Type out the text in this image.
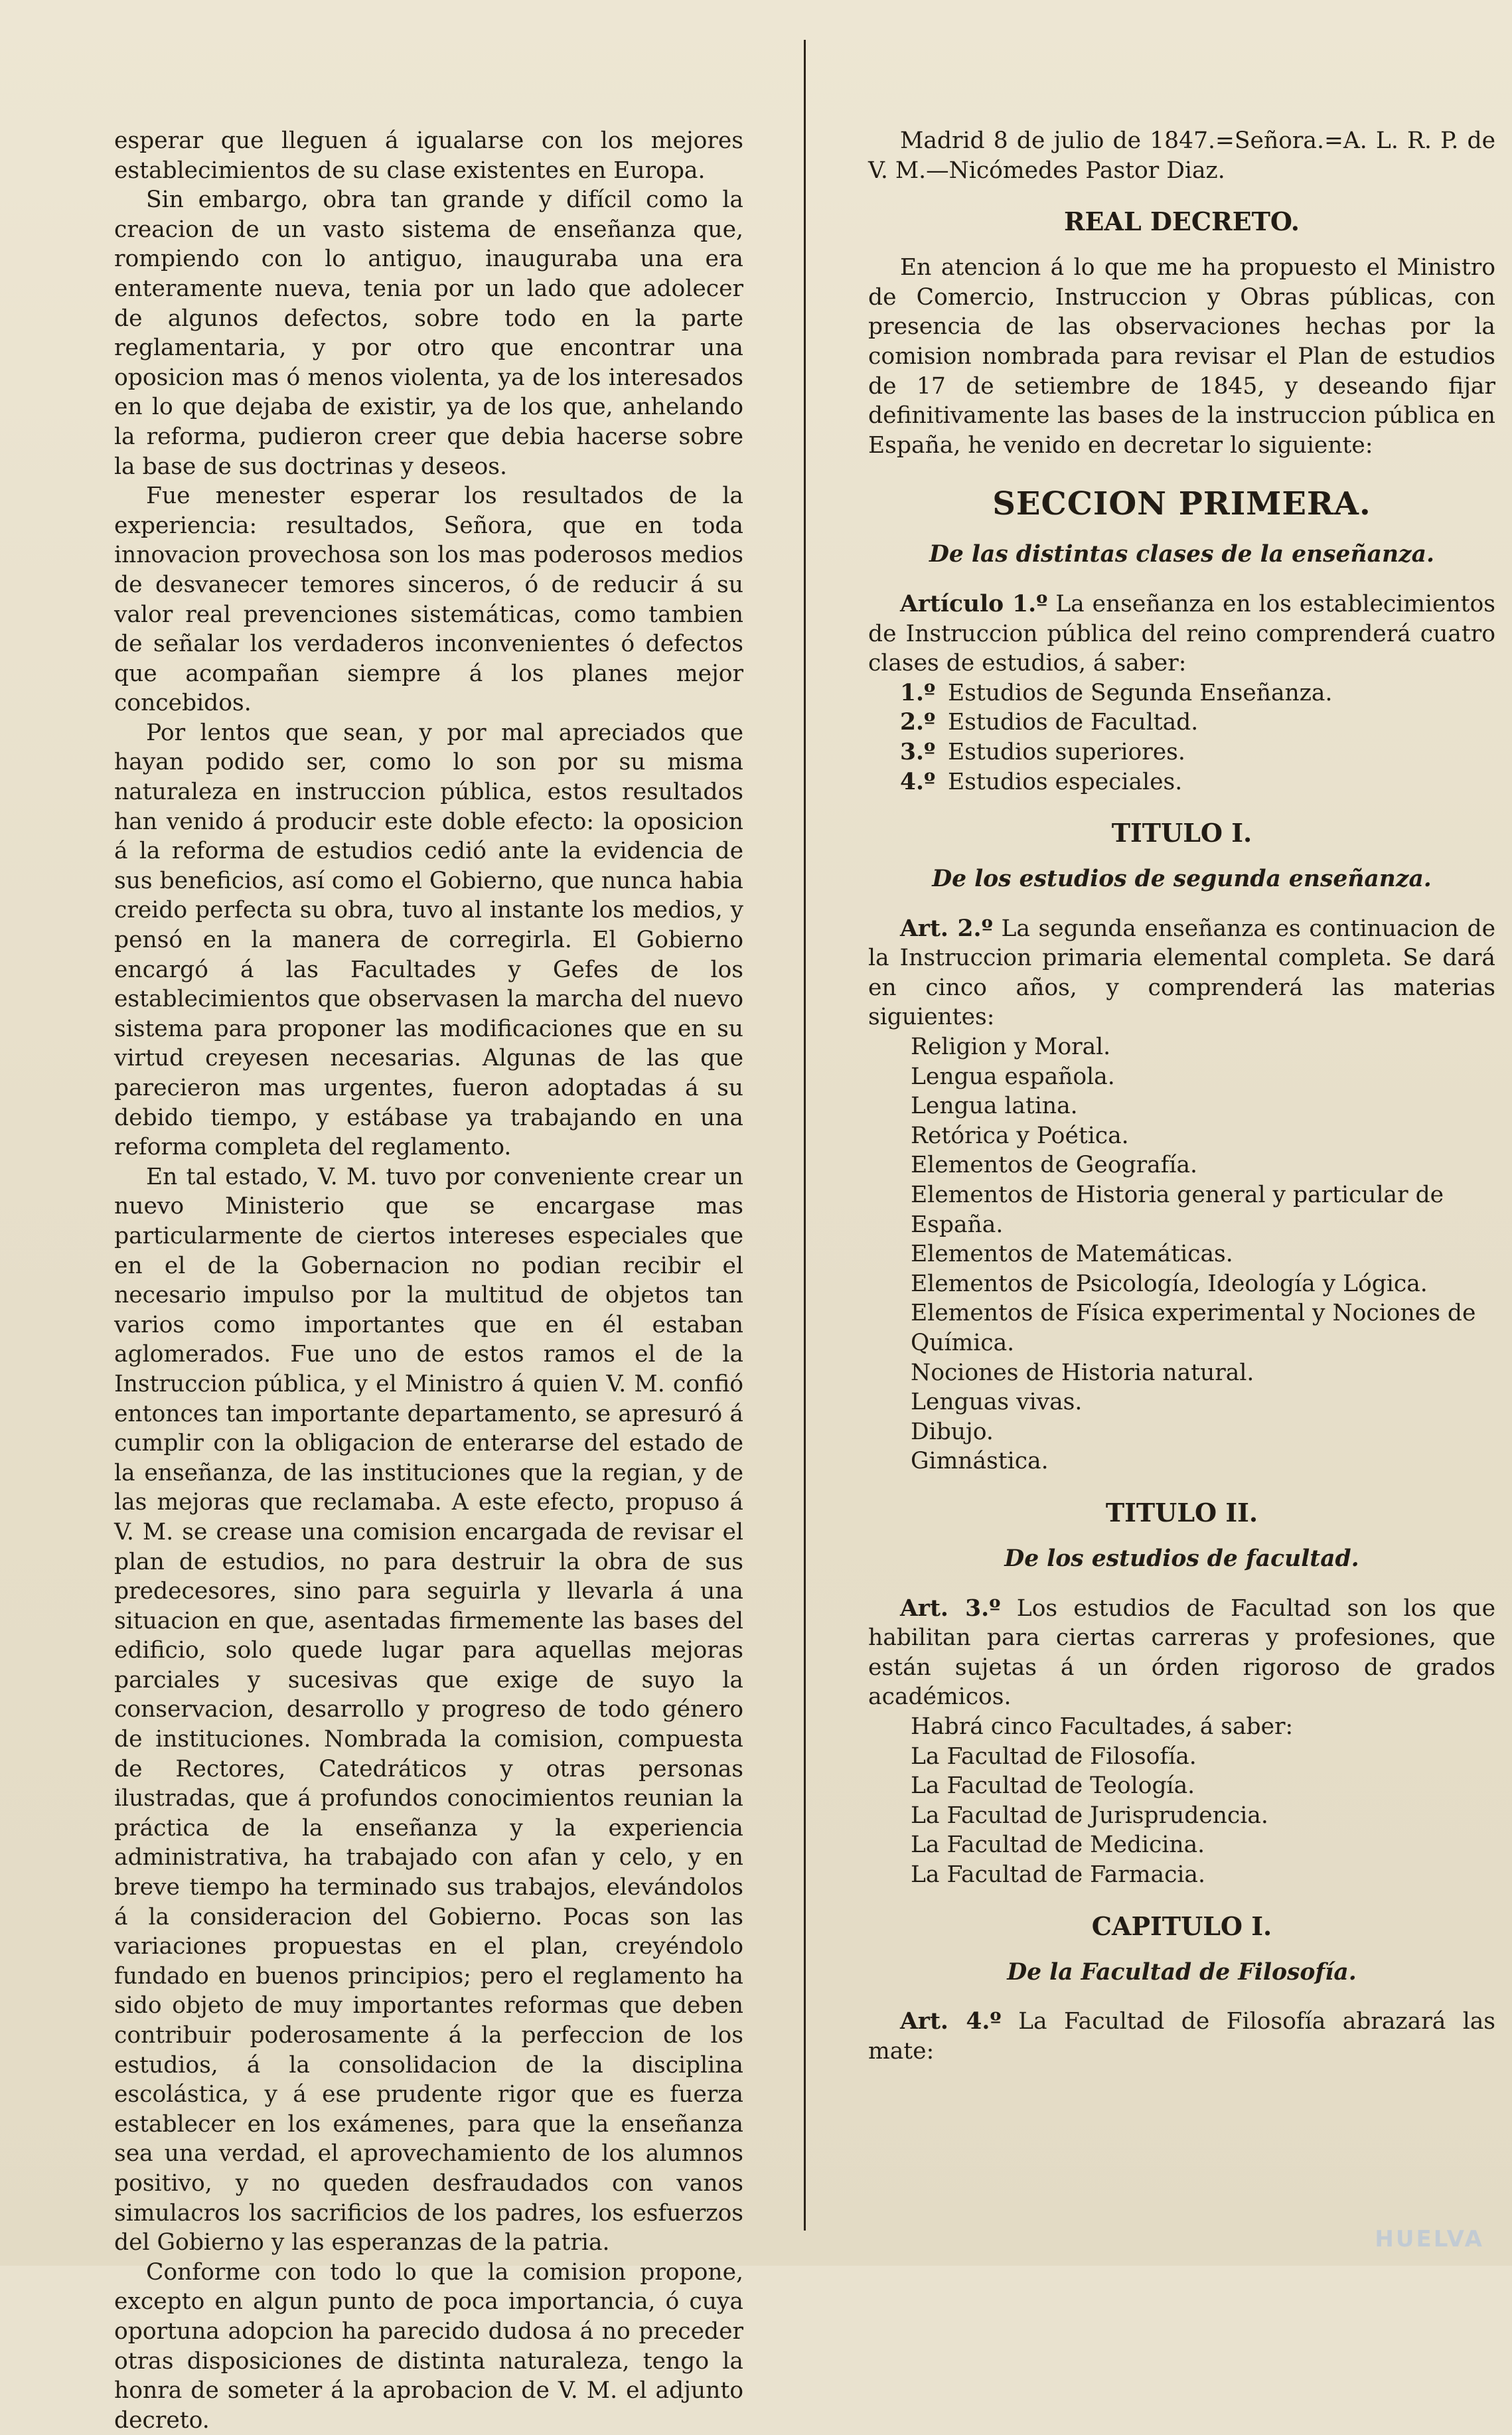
esperar que lleguen á igualarse con los mejores establecimientos de su clase existentes en Europa.

Sin embargo, obra tan grande y difícil como la creacion de un vasto sistema de enseñanza que, rompiendo con lo antiguo, inauguraba una era enteramente nueva, tenia por un lado que adolecer de algunos defectos, sobre todo en la parte reglamentaria, y por otro que encontrar una oposicion mas ó menos violenta, ya de los interesados en lo que dejaba de existir, ya de los que, anhelando la reforma, pudieron creer que debia hacerse sobre la base de sus doctrinas y deseos.

Fue menester esperar los resultados de la experiencia: resultados, Señora, que en toda innovacion provechosa son los mas poderosos medios de desvanecer temores sinceros, ó de reducir á su valor real prevenciones sistemáticas, como tambien de señalar los verdaderos inconvenientes ó defectos que acompañan siempre á los planes mejor concebidos.

Por lentos que sean, y por mal apreciados que hayan podido ser, como lo son por su misma naturaleza en instruccion pública, estos resultados han venido á producir este doble efecto: la oposicion á la reforma de estudios cedió ante la evidencia de sus beneficios, así como el Gobierno, que nunca habia creido perfecta su obra, tuvo al instante los medios, y pensó en la manera de corregirla. El Gobierno encargó á las Facultades y Gefes de los establecimientos que observasen la marcha del nuevo sistema para proponer las modificaciones que en su virtud creyesen necesarias. Algunas de las que parecieron mas urgentes, fueron adoptadas á su debido tiempo, y estábase ya trabajando en una reforma completa del reglamento.

En tal estado, V. M. tuvo por conveniente crear un nuevo Ministerio que se encargase mas particularmente de ciertos intereses especiales que en el de la Gobernacion no podian recibir el necesario impulso por la multitud de objetos tan varios como importantes que en él estaban aglomerados. Fue uno de estos ramos el de la Instruccion pública, y el Ministro á quien V. M. confió entonces tan importante departamento, se apresuró á cumplir con la obligacion de enterarse del estado de la enseñanza, de las instituciones que la regian, y de las mejoras que reclamaba. A este efecto, propuso á V. M. se crease una comision encargada de revisar el plan de estudios, no para destruir la obra de sus predecesores, sino para seguirla y llevarla á una situacion en que, asentadas firmemente las bases del edificio, solo quede lugar para aquellas mejoras parciales y sucesivas que exige de suyo la conservacion, desarrollo y progreso de todo género de instituciones. Nombrada la comision, compuesta de Rectores, Catedráticos y otras personas ilustradas, que á profundos conocimientos reunian la práctica de la enseñanza y la experiencia administrativa, ha trabajado con afan y celo, y en breve tiempo ha terminado sus trabajos, elevándolos á la consideracion del Gobierno. Pocas son las variaciones propuestas en el plan, creyéndolo fundado en buenos principios; pero el reglamento ha sido objeto de muy importantes reformas que deben contribuir poderosamente á la perfeccion de los estudios, á la consolidacion de la disciplina escolástica, y á ese prudente rigor que es fuerza establecer en los exámenes, para que la enseñanza sea una verdad, el aprovechamiento de los alumnos positivo, y no queden desfraudados con vanos simulacros los sacrificios de los padres, los esfuerzos del Gobierno y las esperanzas de la patria.

Conforme con todo lo que la comision propone, excepto en algun punto de poca importancia, ó cuya oportuna adopcion ha parecido dudosa á no preceder otras disposiciones de distinta naturaleza, tengo la honra de someter á la aprobacion de V. M. el adjunto decreto.

Madrid 8 de julio de 1847.=Señora.=A. L. R. P. de V. M.—Nicómedes Pastor Diaz.

REAL DECRETO.

En atencion á lo que me ha propuesto el Ministro de Comercio, Instruccion y Obras públicas, con presencia de las observaciones hechas por la comision nombrada para revisar el Plan de estudios de 17 de setiembre de 1845, y deseando fijar definitivamente las bases de la instruccion pública en España, he venido en decretar lo siguiente:

SECCION PRIMERA.

De las distintas clases de la enseñanza.

Artículo 1.º La enseñanza en los establecimientos de Instruccion pública del reino comprenderá cuatro clases de estudios, á saber:

1.º Estudios de Segunda Enseñanza.

2.º Estudios de Facultad.

3.º Estudios superiores.

4.º Estudios especiales.

TITULO I.

De los estudios de segunda enseñanza.

Art. 2.º La segunda enseñanza es continuacion de la Instruccion primaria elemental completa. Se dará en cinco años, y comprenderá las materias siguientes:

Religion y Moral.

Lengua española.

Lengua latina.

Retórica y Poética.

Elementos de Geografía.

Elementos de Historia general y particular de España.

Elementos de Matemáticas.

Elementos de Psicología, Ideología y Lógica.

Elementos de Física experimental y Nociones de Química.

Nociones de Historia natural.

Lenguas vivas.

Dibujo.

Gimnástica.

TITULO II.

De los estudios de facultad.

Art. 3.º Los estudios de Facultad son los que habilitan para ciertas carreras y profesiones, que están sujetas á un órden rigoroso de grados académicos.

Habrá cinco Facultades, á saber:

La Facultad de Filosofía.

La Facultad de Teología.

La Facultad de Jurisprudencia.

La Facultad de Medicina.

La Facultad de Farmacia.

CAPITULO I.

De la Facultad de Filosofía.

Art. 4.º La Facultad de Filosofía abrazará las mate:

HUELVA
